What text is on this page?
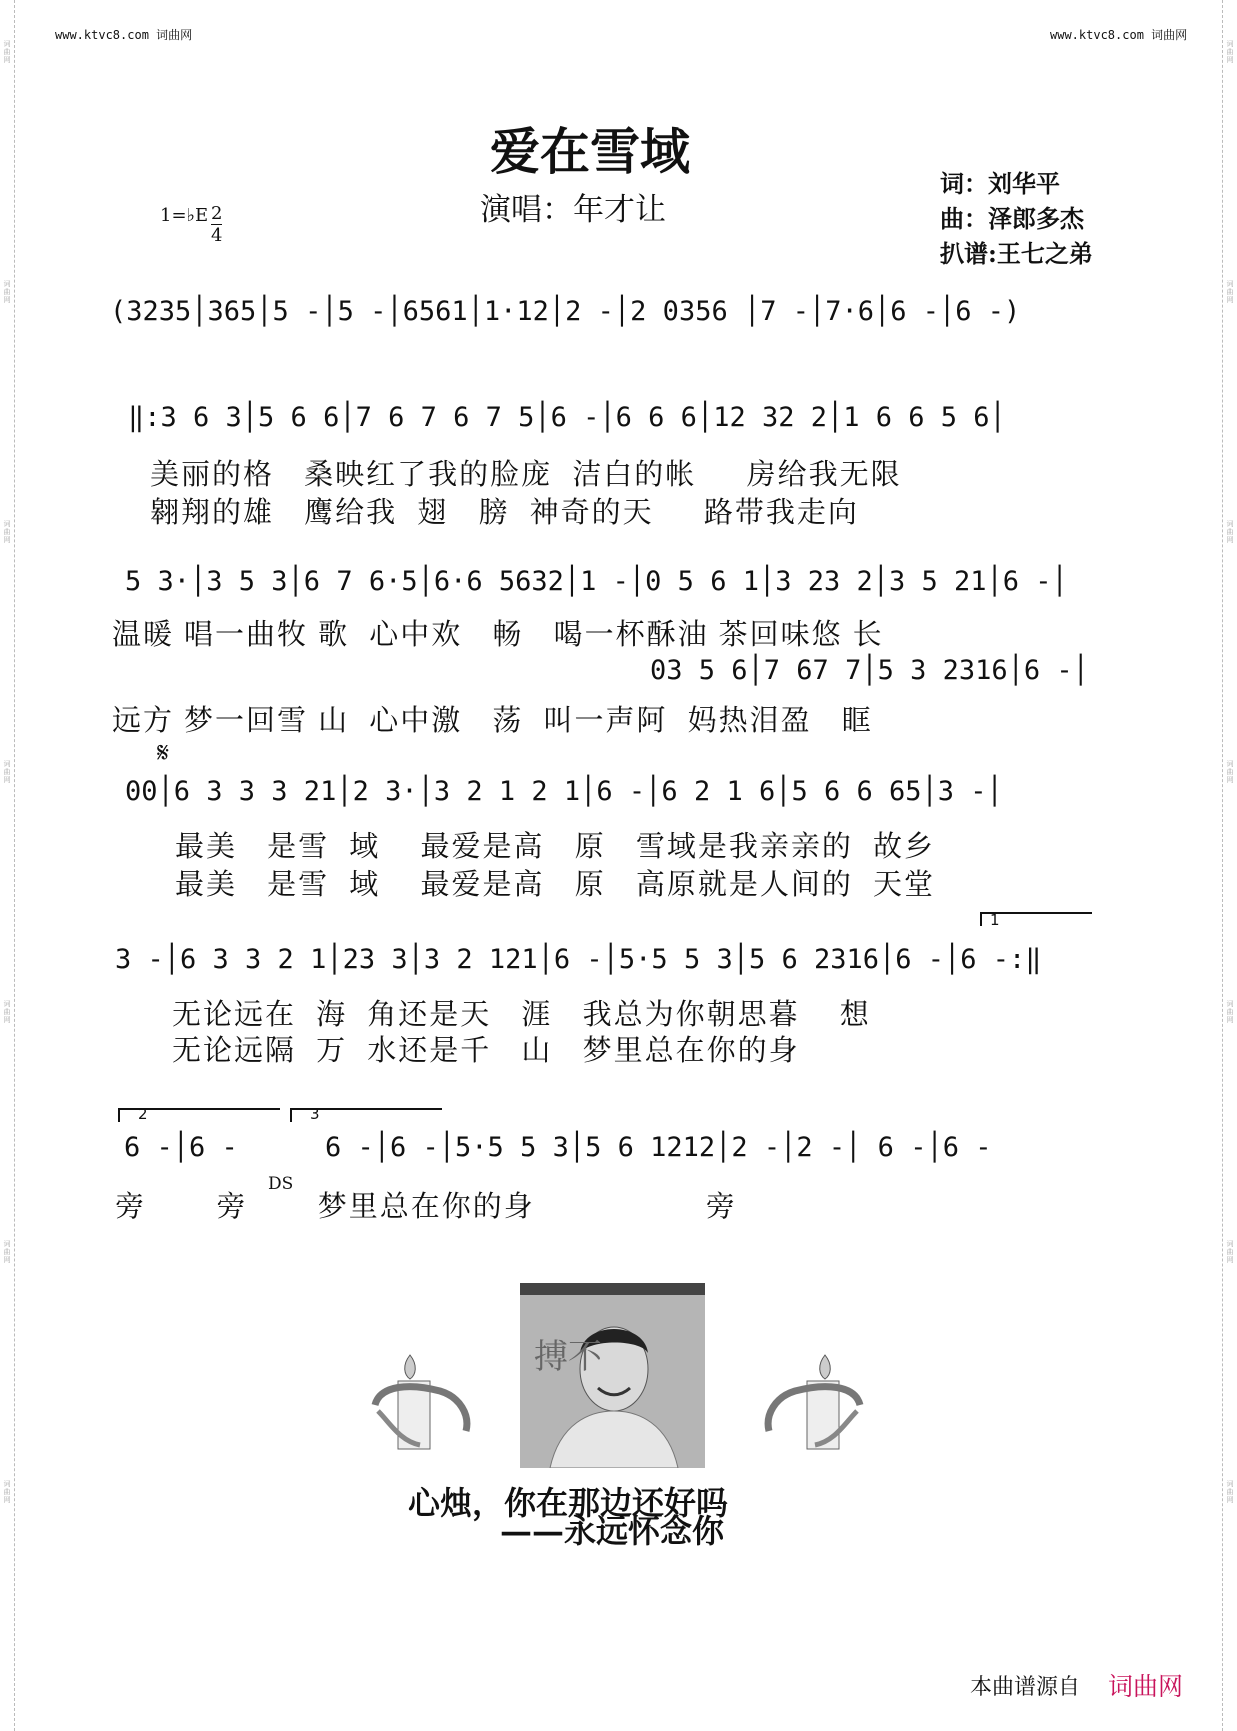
词曲网
词曲网
词曲网
词曲网
词曲网
词曲网
词曲网
词曲网
词曲网
词曲网
词曲网
词曲网
词曲网
词曲网
www.ktvc8.com 词曲网	www.ktvc8.com 词曲网
爱在雪域
演唱：年才让
词：刘华平
曲：泽郎多杰
扒谱:王七之弟
1=♭E 2
4
(3235│365│5 -│5 -│6561│1·12│2 -│2 0356 │7 -│7·6│6 -│6 -)
‖:3 6 3│5 6 6│7 6 7 6 7 5│6 -│6 6 6│12 32 2│1 6 6 5 6│
美丽的格   桑映红了我的脸庞  洁白的帐     房给我无限
翱翔的雄   鹰给我  翅   膀  神奇的天     路带我走向
5 3·│3 5 3│6 7 6·5│6·6 5632│1 -│0 5 6 1│3 23 2│3 5 21│6 -│
温暖 唱一曲牧 歌  心中欢   畅   喝一杯酥油 茶回味悠 长
03 5 6│7 67 7│5 3 2316│6 -│
远方 梦一回雪 山  心中激   荡  叫一声阿  妈热泪盈   眶
𝄋
00│6 3 3 3 21│2 3·│3 2 1 2 1│6 -│6 2 1 6│5 6 6 65│3 -│
最美   是雪  域    最爱是高   原   雪域是我亲亲的  故乡
最美   是雪  域    最爱是高   原   高原就是人间的  天堂
1
3 -│6 3 3 2 1│23 3│3 2 121│6 -│5·5 5 3│5 6 2316│6 -│6 -:‖
无论远在  海  角还是天   涯   我总为你朝思暮    想
无论远隔  万  水还是千   山   梦里总在你的身
2	3
6 -│6 -
DS
6 -│6 -│5·5 5 3│5 6 1212│2 -│2 -│ 6 -│6 -
旁       旁       梦里总在你的身                 旁
搏不
心烛，你在那边还好吗
——永远怀念你
本曲谱源自 词曲网
